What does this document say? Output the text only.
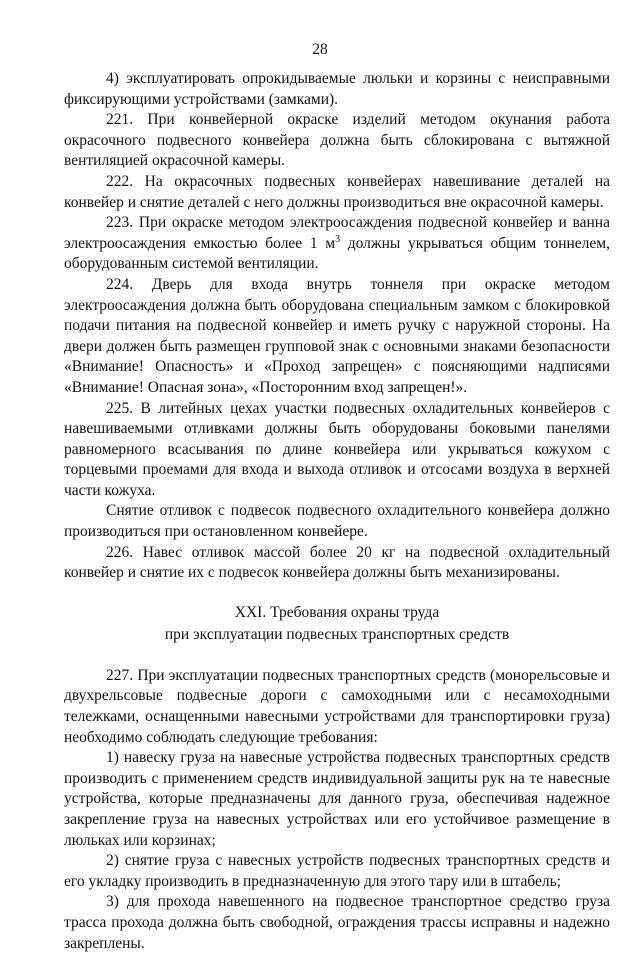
28

4) эксплуатировать опрокидываемые люльки и корзины с неисправными фиксирующими устройствами (замками).

221. При конвейерной окраске изделий методом окунания работа окрасочного подвесного конвейера должна быть сблокирована с вытяжной вентиляцией окрасочной камеры.

222. На окрасочных подвесных конвейерах навешивание деталей на конвейер и снятие деталей с него должны производиться вне окрасочной камеры.

223. При окраске методом электроосаждения подвесной конвейер и ванна электроосаждения емкостью более 1 $м^3$ должны укрываться общим тоннелем, оборудованным системой вентиляции.

224. Дверь для входа внутрь тоннеля при окраске методом электроосаждения должна быть оборудована специальным замком с блокировкой подачи питания на подвесной конвейер и иметь ручку с наружной стороны. На двери должен быть размещен групповой знак с основными знаками безопасности «Внимание! Опасность» и «Проход запрещен» с поясняющими надписями «Внимание! Опасная зона», «Посторонним вход запрещен!».

225. В литейных цехах участки подвесных охладительных конвейеров с навешиваемыми отливками должны быть оборудованы боковыми панелями равномерного всасывания по длине конвейера или укрываться кожухом с торцевыми проемами для входа и выхода отливок и отсосами воздуха в верхней части кожуха.

Снятие отливок с подвесок подвесного охладительного конвейера должно производиться при остановленном конвейере.

226. Навес отливок массой более 20 кг на подвесной охладительный конвейер и снятие их с подвесок конвейера должны быть механизированы.

XXI. Требования охраны труда
при эксплуатации подвесных транспортных средств

227. При эксплуатации подвесных транспортных средств (монорельсовые и двухрельсовые подвесные дороги с самоходными или с несамоходными тележками, оснащенными навесными устройствами для транспортировки груза) необходимо соблюдать следующие требования:

1) навеску груза на навесные устройства подвесных транспортных средств производить с применением средств индивидуальной защиты рук на те навесные устройства, которые предназначены для данного груза, обеспечивая надежное закрепление груза на навесных устройствах или его устойчивое размещение в люльках или корзинах;

2) снятие груза с навесных устройств подвесных транспортных средств и его укладку производить в предназначенную для этого тару или в штабель;

3) для прохода навешенного на подвесное транспортное средство груза трасса прохода должна быть свободной, ограждения трассы исправны и надежно закреплены.
